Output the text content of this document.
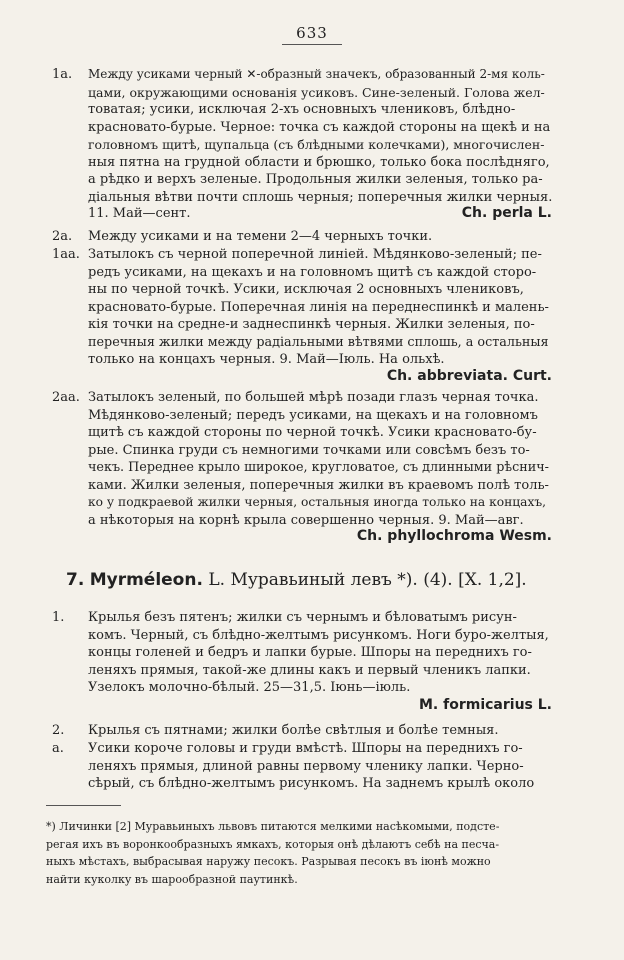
633
1a. Между усиками черный ✕-образный значекъ, образованный 2-мя коль-
цами, окружающими основанія усиковъ. Сине-зеленый. Голова жел-
товатая; усики, исключая 2-хъ основныхъ члениковъ, блѣдно-
красновато-бурые. Черное: точка съ каждой стороны на щекѣ и на
головномъ щитѣ, щупальца (съ блѣдными колечками), многочислен-
ныя пятна на грудной области и брюшко, только бока послѣдняго,
а рѣдко и верхъ зеленые. Продольныя жилки зеленыя, только ра-
діальныя вѣтви почти сплошь черныя; поперечныя жилки черныя.
11. Май—сент.	Ch. perla L.
2a. Между усиками и на темени 2—4 черныхъ точки.
1aa. Затылокъ съ черной поперечной линіей. Мѣдянково-зеленый; пе-
редъ усиками, на щекахъ и на головномъ щитѣ съ каждой сторо-
ны по черной точкѣ. Усики, исключая 2 основныхъ члениковъ,
красновато-бурые. Поперечная линія на переднеспинкѣ и малень-
кія точки на средне-и заднеспинкѣ черныя. Жилки зеленыя, по-
перечныя жилки между радіальными вѣтвями сплошь, а остальныя
только на концахъ черныя. 9. Май—Іюль. На ольхѣ.
Ch. abbreviata. Curt.
2aa. Затылокъ зеленый, по большей мѣрѣ позади глазъ черная точка.
Мѣдянково-зеленый; передъ усиками, на щекахъ и на головномъ
щитѣ съ каждой стороны по черной точкѣ. Усики красновато-бу-
рые. Спинка груди съ немногими точками или совсѣмъ безъ то-
чекъ. Переднее крыло широкое, кругловатое, съ длинными рѣснич-
ками. Жилки зеленыя, поперечныя жилки въ краевомъ полѣ толь-
ко у подкраевой жилки черныя, остальныя иногда только на концахъ,
а нѣкоторыя на корнѣ крыла совершенно черныя. 9. Май—авг.
Ch. phyllochroma Wesm.
7. Myrméleon. L. Муравьиный левъ *). (4). [X. 1,2].
1. Крылья безъ пятенъ; жилки съ чернымъ и бѣловатымъ рисун-
комъ. Черный, съ блѣдно-желтымъ рисункомъ. Ноги буро-желтыя,
концы голеней и бедръ и лапки бурые. Шпоры на переднихъ го-
леняхъ прямыя, такой-же длины какъ и первый членикъ лапки.
Узелокъ молочно-бѣлый. 25—31,5. Іюнь—іюль.
M. formicarius L.
2. Крылья съ пятнами; жилки болѣе свѣтлыя и болѣе темныя.
a. Усики короче головы и груди вмѣстѣ. Шпоры на переднихъ го-
леняхъ прямыя, длиной равны первому членику лапки. Черно-
сѣрый, съ блѣдно-желтымъ рисункомъ. На заднемъ крылѣ около
*) Личинки [2] Муравьиныхъ львовъ питаются мелкими насѣкомыми, подсте-
регая ихъ въ воронкообразныхъ ямкахъ, которыя онѣ дѣлаютъ себѣ на песча-
ныхъ мѣстахъ, выбрасывая наружу песокъ. Разрывая песокъ въ іюнѣ можно
найти куколку въ шарообразной паутинкѣ.
